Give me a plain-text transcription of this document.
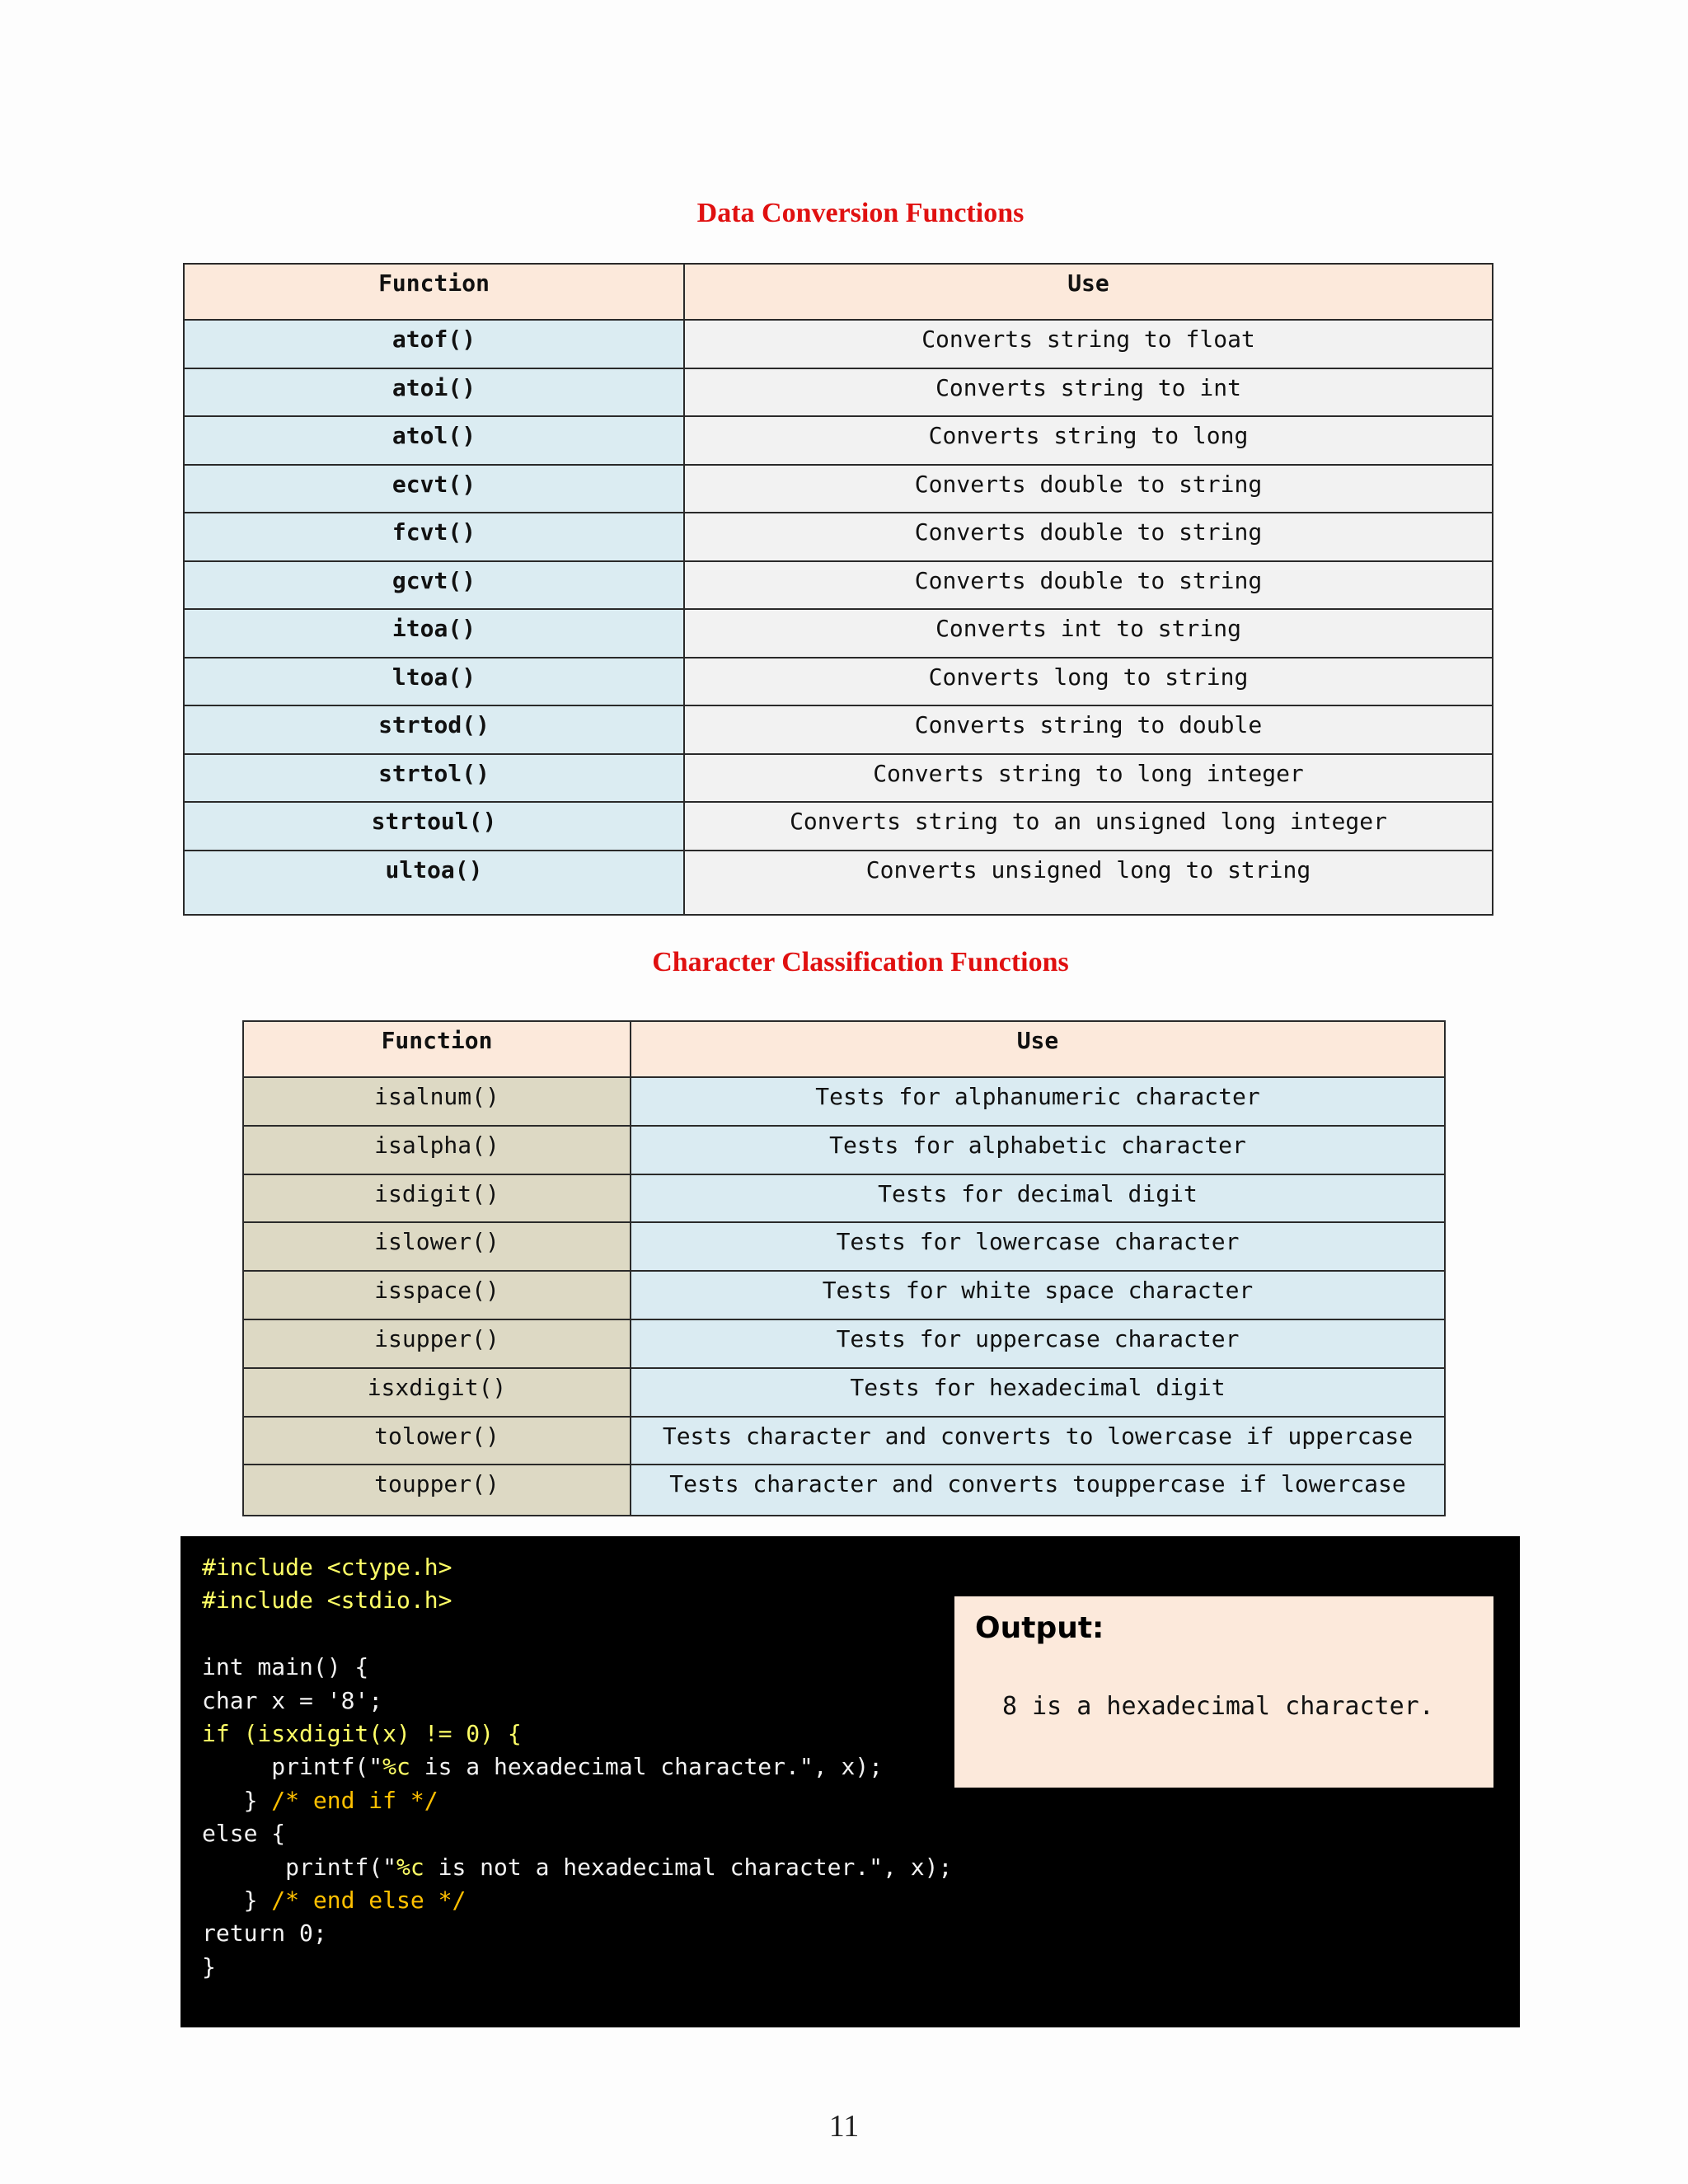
Data Conversion Functions
Function	Use
atof()	Converts string to float
atoi()	Converts string to int
atol()	Converts string to long
ecvt()	Converts double to string
fcvt()	Converts double to string
gcvt()	Converts double to string
itoa()	Converts int to string
ltoa()	Converts long to string
strtod()	Converts string to double
strtol()	Converts string to long integer
strtoul()	Converts string to an unsigned long integer
ultoa()	Converts unsigned long to string
Character Classification Functions
Function	Use
isalnum()	Tests for alphanumeric character
isalpha()	Tests for alphabetic character
isdigit()	Tests for decimal digit
islower()	Tests for lowercase character
isspace()	Tests for white space character
isupper()	Tests for uppercase character
isxdigit()	Tests for hexadecimal digit
tolower()	Tests character and converts to lowercase if uppercase
toupper()	Tests character and converts touppercase if lowercase
#include <ctype.h>
#include <stdio.h>

int main() {
char x = '8';
if (isxdigit(x) != 0) {
printf("%c is a hexadecimal character.", x);
} /* end if */
else {
printf("%c is not a hexadecimal character.", x);
} /* end else */
return 0;
}

Output:
8 is a hexadecimal character.
11
